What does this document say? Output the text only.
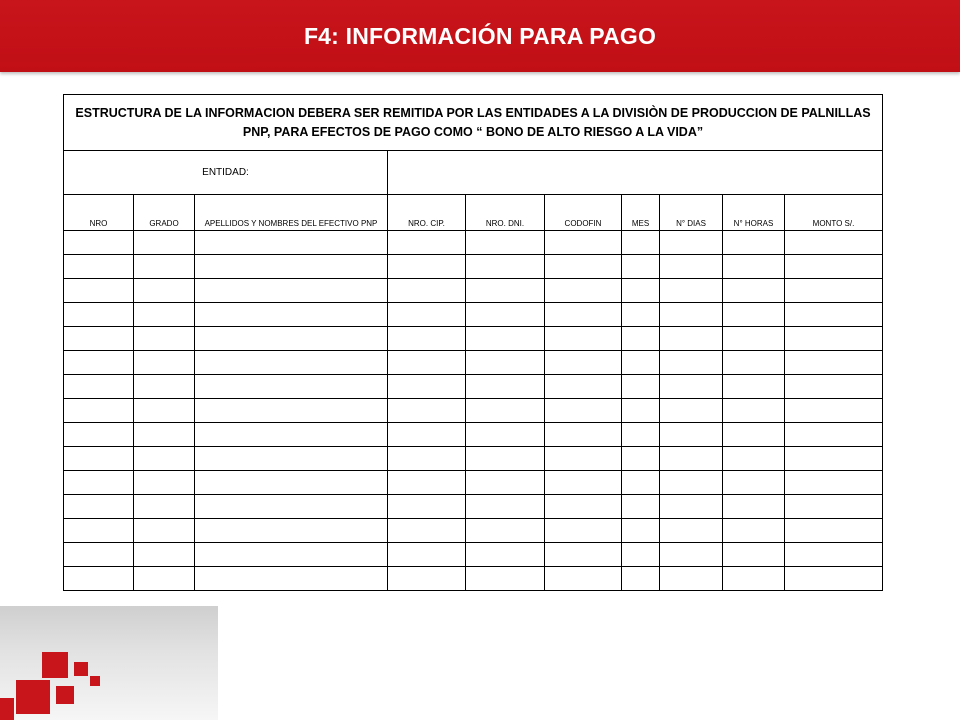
F4: INFORMACIÓN PARA PAGO
ESTRUCTURA DE LA INFORMACION DEBERA SER REMITIDA POR LAS ENTIDADES A LA DIVISIÒN DE PRODUCCION DE PALNILLAS PNP, PARA EFECTOS DE PAGO COMO “ BONO DE ALTO RIESGO A LA VIDA”									
ENTIDAD:									
NRO	GRADO	APELLIDOS Y NOMBRES DEL EFECTIVO PNP	NRO. CIP.	NRO. DNI.	CODOFIN	MES	N° DIAS	N° HORAS	MONTO S/.
